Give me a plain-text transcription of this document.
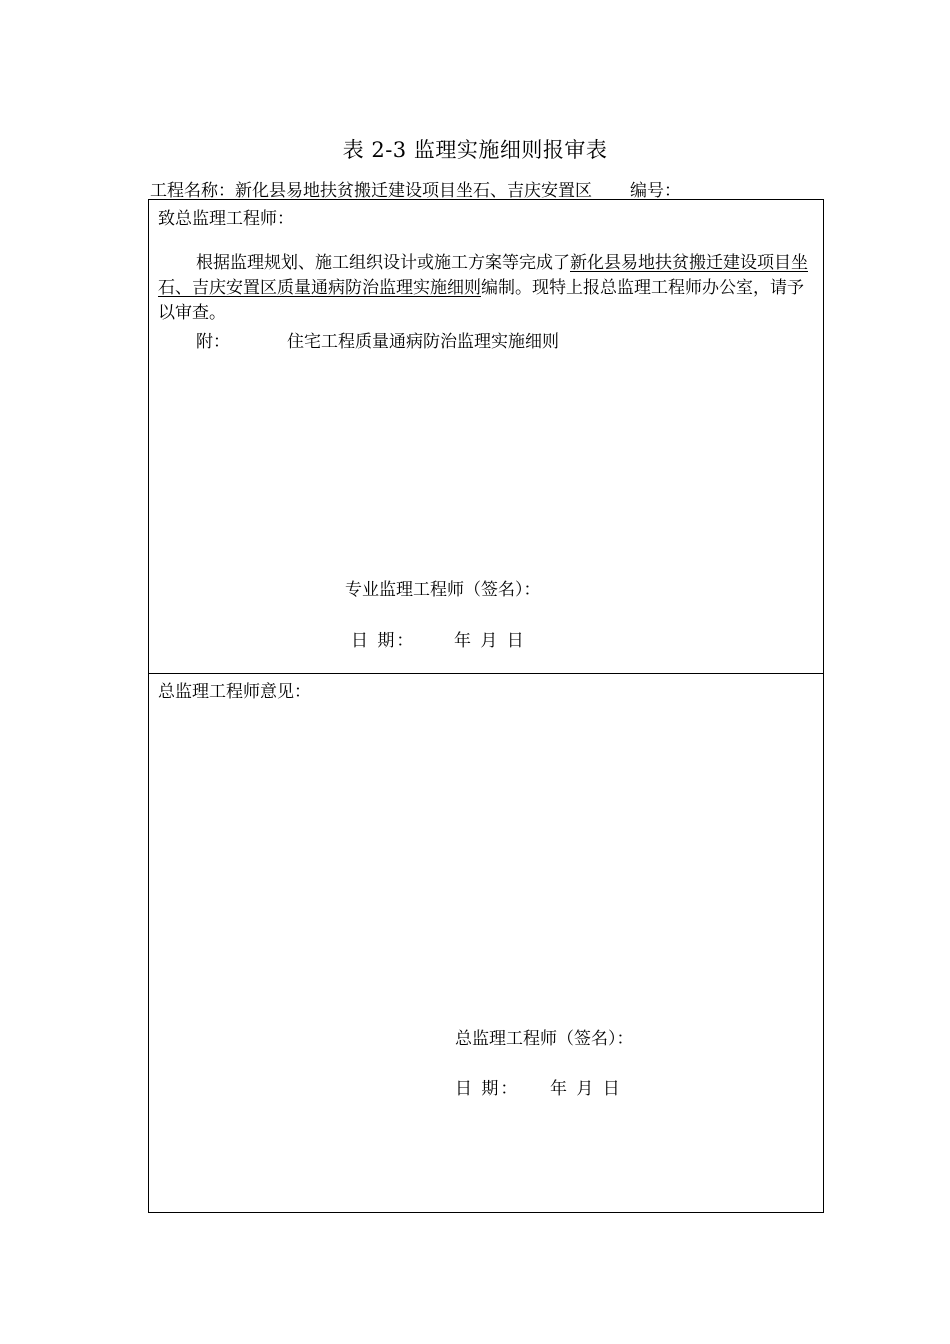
表 2-3 监理实施细则报审表
工程名称：新化县易地扶贫搬迁建设项目坐石、吉庆安置区 编号：
致总监理工程师：
根据监理规划、施工组织设计或施工方案等完成了新化县易地扶贫搬迁建设项目坐石、吉庆安置区质量通病防治监理实施细则编制。现特上报总监理工程师办公室，请予以审查。
附：	住宅工程质量通病防治监理实施细则
专业监理工程师（签名）：
日 期： 年 月 日
总监理工程师意见：
总监理工程师（签名）：
日 期： 年 月 日
